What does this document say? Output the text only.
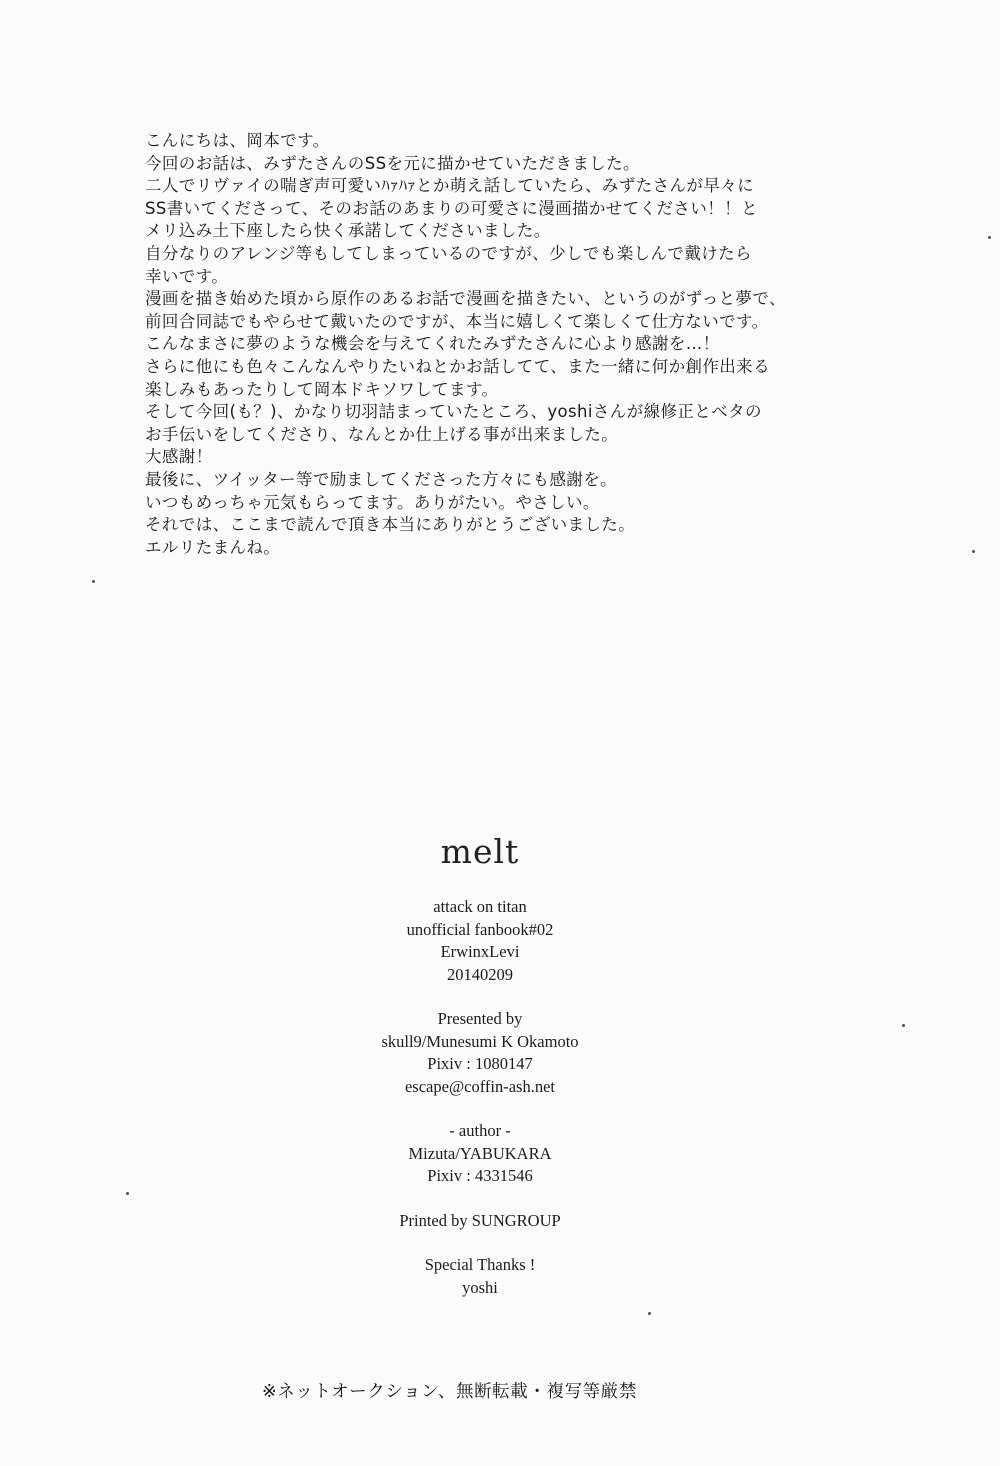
こんにちは、岡本です。
今回のお話は、みずたさんのSSを元に描かせていただきました。
二人でリヴァイの喘ぎ声可愛いﾊｧﾊｧとか萌え話していたら、みずたさんが早々に
SS書いてくださって、そのお話のあまりの可愛さに漫画描かせてください！！と
メリ込み土下座したら快く承諾してくださいました。
自分なりのアレンジ等もしてしまっているのですが、少しでも楽しんで戴けたら
幸いです。
漫画を描き始めた頃から原作のあるお話で漫画を描きたい、というのがずっと夢で、
前回合同誌でもやらせて戴いたのですが、本当に嬉しくて楽しくて仕方ないです。
こんなまさに夢のような機会を与えてくれたみずたさんに心より感謝を…！
さらに他にも色々こんなんやりたいねとかお話してて、また一緒に何か創作出来る
楽しみもあったりして岡本ドキソワしてます。
そして今回(も？)、かなり切羽詰まっていたところ、yoshiさんが線修正とベタの
お手伝いをしてくださり、なんとか仕上げる事が出来ました。
大感謝！
最後に、ツイッター等で励ましてくださった方々にも感謝を。
いつもめっちゃ元気もらってます。ありがたい。やさしい。
それでは、ここまで読んで頂き本当にありがとうございました。
エルリたまんね。
melt
attack on titan
unofficial fanbook#02
ErwinxLevi
20140209
Presented by
skull9/Munesumi K Okamoto
Pixiv : 1080147
escape@coffin-ash.net
- author -
Mizuta/YABUKARA
Pixiv : 4331546
Printed by SUNGROUP
Special Thanks !
yoshi
※ネットオークション、無断転載・複写等厳禁
